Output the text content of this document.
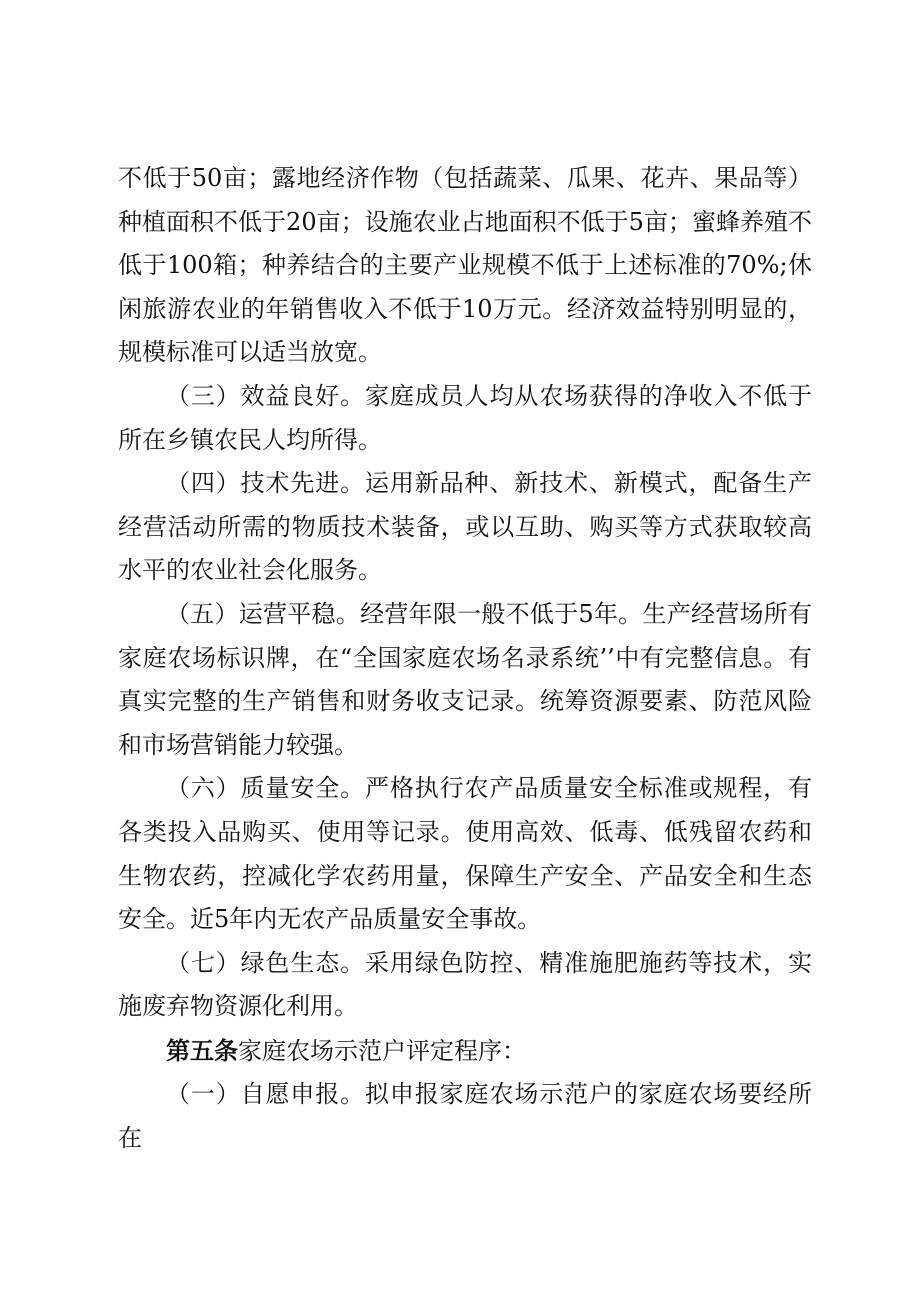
不低于50亩；露地经济作物（包括蔬菜、瓜果、花卉、果品等）种植面积不低于20亩；设施农业占地面积不低于5亩；蜜蜂养殖不低于100箱；种养结合的主要产业规模不低于上述标准的70%;休闲旅游农业的年销售收入不低于10万元。经济效益特别明显的，规模标准可以适当放宽。

（三）效益良好。家庭成员人均从农场获得的净收入不低于所在乡镇农民人均所得。

（四）技术先进。运用新品种、新技术、新模式，配备生产经营活动所需的物质技术装备，或以互助、购买等方式获取较高水平的农业社会化服务。

（五）运营平稳。经营年限一般不低于5年。生产经营场所有家庭农场标识牌，在“全国家庭农场名录系统’’中有完整信息。有真实完整的生产销售和财务收支记录。统筹资源要素、防范风险和市场营销能力较强。

（六）质量安全。严格执行农产品质量安全标准或规程，有各类投入品购买、使用等记录。使用高效、低毒、低残留农药和生物农药，控减化学农药用量，保障生产安全、产品安全和生态安全。近5年内无农产品质量安全事故。

（七）绿色生态。采用绿色防控、精准施肥施药等技术，实施废弃物资源化利用。

第五条家庭农场示范户评定程序：

（一）自愿申报。拟申报家庭农场示范户的家庭农场要经所在
